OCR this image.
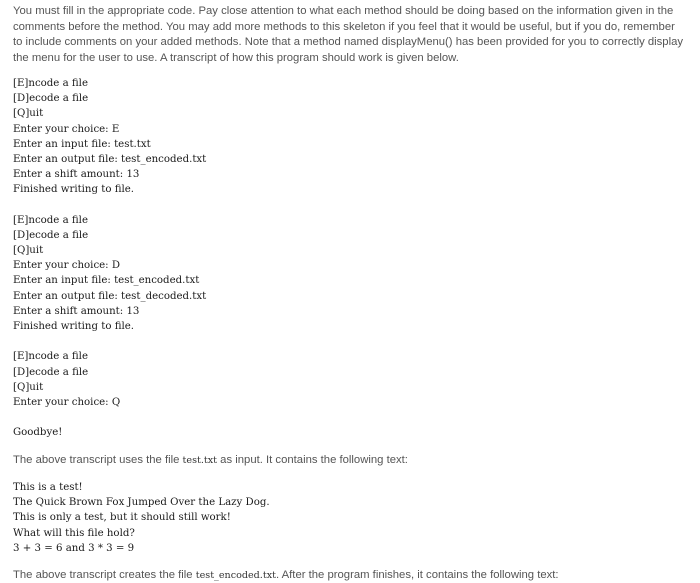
You must fill in the appropriate code. Pay close attention to what each method should be doing based on the information given in the comments before the method. You may add more methods to this skeleton if you feel that it would be useful, but if you do, remember to include comments on your added methods. Note that a method named displayMenu() has been provided for you to correctly display the menu for the user to use. A transcript of how this program should work is given below.

[E]ncode a file
[D]ecode a file
[Q]uit
Enter your choice: E
Enter an input file: test.txt
Enter an output file: test_encoded.txt
Enter a shift amount: 13
Finished writing to file.
[E]ncode a file
[D]ecode a file
[Q]uit
Enter your choice: D
Enter an input file: test_encoded.txt
Enter an output file: test_decoded.txt
Enter a shift amount: 13
Finished writing to file.
[E]ncode a file
[D]ecode a file
[Q]uit
Enter your choice: Q
Goodbye!

The above transcript uses the file test.txt as input. It contains the following text:

This is a test!
The Quick Brown Fox Jumped Over the Lazy Dog.
This is only a test, but it should still work!
What will this file hold?
3 + 3 = 6 and 3 * 3 = 9

The above transcript creates the file test_encoded.txt. After the program finishes, it contains the following text:
